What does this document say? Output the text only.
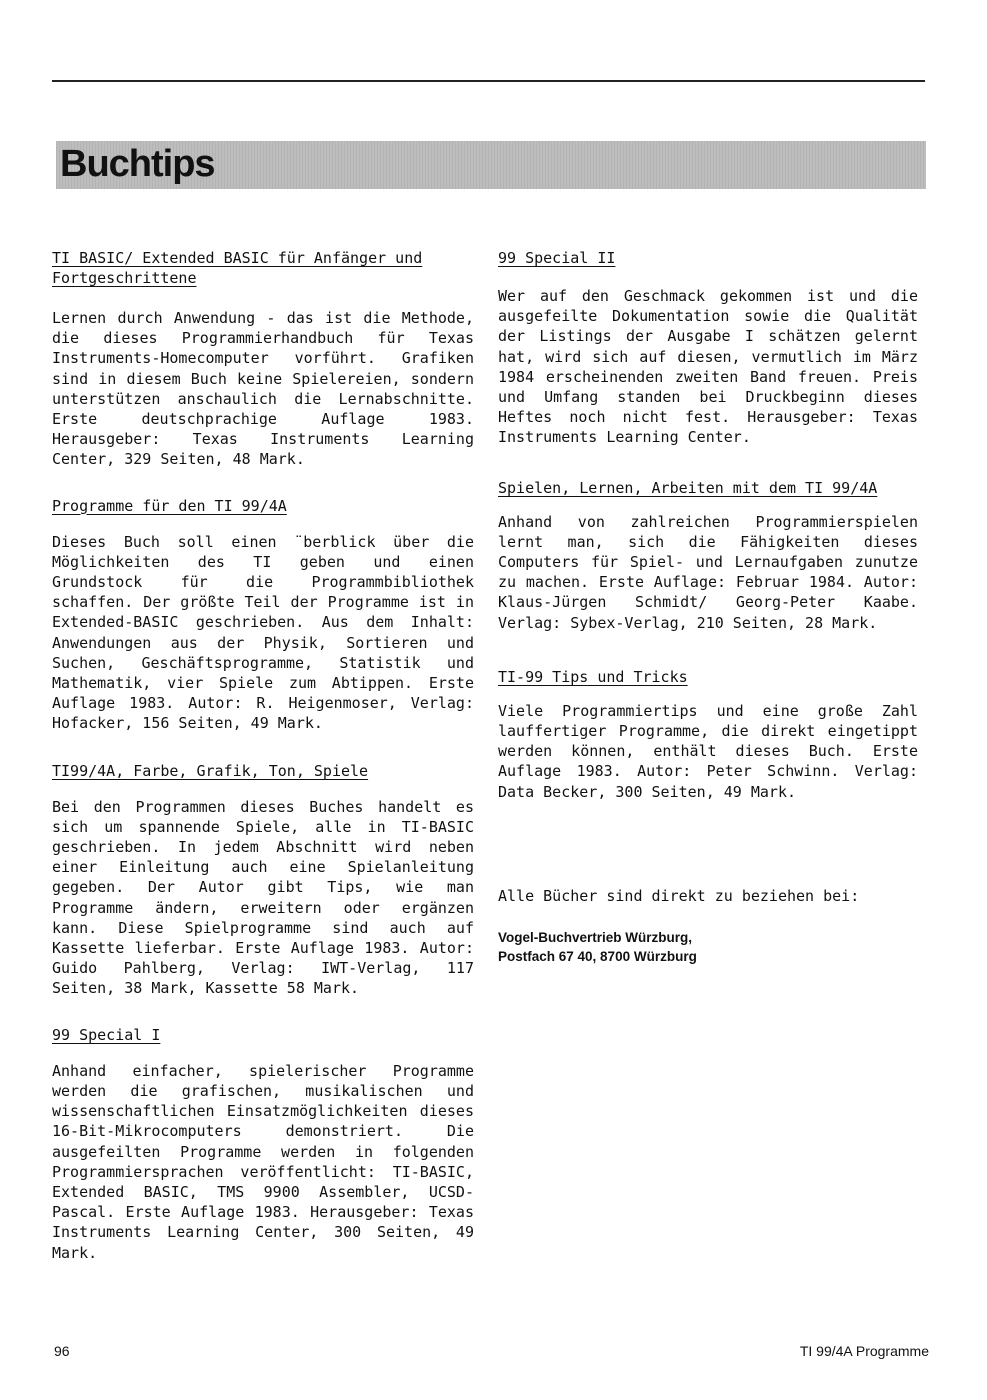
Buchtips

TI BASIC/ Extended BASIC für Anfänger und Fortgeschrittene

Lernen durch Anwendung - das ist die Methode, die dieses Programmierhandbuch für Texas Instruments-Homecomputer vorführt. Grafiken sind in diesem Buch keine Spielereien, sondern unterstützen anschaulich die Lernabschnitte. Erste deutschprachige Auflage 1983. Herausgeber: Texas Instruments Learning Center, 329 Seiten, 48 Mark.

Programme für den TI 99/4A

Dieses Buch soll einen ¨berblick über die Möglichkeiten des TI geben und einen Grundstock für die Programmbibliothek schaffen. Der größte Teil der Programme ist in Extended-BASIC geschrieben. Aus dem Inhalt: Anwendungen aus der Physik, Sortieren und Suchen, Geschäftsprogramme, Statistik und Mathematik, vier Spiele zum Abtippen. Erste Auflage 1983. Autor: R. Heigenmoser, Verlag: Hofacker, 156 Seiten, 49 Mark.

TI99/4A, Farbe, Grafik, Ton, Spiele

Bei den Programmen dieses Buches handelt es sich um spannende Spiele, alle in TI-BASIC geschrieben. In jedem Abschnitt wird neben einer Einleitung auch eine Spielanleitung gegeben. Der Autor gibt Tips, wie man Programme ändern, erweitern oder ergänzen kann. Diese Spielprogramme sind auch auf Kassette lieferbar. Erste Auflage 1983. Autor: Guido Pahlberg, Verlag: IWT-Verlag, 117 Seiten, 38 Mark, Kassette 58 Mark.

99 Special I

Anhand einfacher, spielerischer Programme werden die grafischen, musikalischen und wissenschaftlichen Einsatzmöglichkeiten dieses 16-Bit-Mikrocomputers demonstriert. Die ausgefeilten Programme werden in folgenden Programmiersprachen veröffentlicht: TI-BASIC, Extended BASIC, TMS 9900 Assembler, UCSD-Pascal. Erste Auflage 1983. Herausgeber: Texas Instruments Learning Center, 300 Seiten, 49 Mark.

99 Special II

Wer auf den Geschmack gekommen ist und die ausgefeilte Dokumentation sowie die Qualität der Listings der Ausgabe I schätzen gelernt hat, wird sich auf diesen, vermutlich im März 1984 erscheinenden zweiten Band freuen. Preis und Umfang standen bei Druckbeginn dieses Heftes noch nicht fest. Herausgeber: Texas Instruments Learning Center.

Spielen, Lernen, Arbeiten mit dem TI 99/4A

Anhand von zahlreichen Programmierspielen lernt man, sich die Fähigkeiten dieses Computers für Spiel- und Lernaufgaben zunutze zu machen. Erste Auflage: Februar 1984. Autor: Klaus-Jürgen Schmidt/ Georg-Peter Kaabe. Verlag: Sybex-Verlag, 210 Seiten, 28 Mark.

TI-99 Tips und Tricks

Viele Programmiertips und eine große Zahl lauffertiger Programme, die direkt eingetippt werden können, enthält dieses Buch. Erste Auflage 1983. Autor: Peter Schwinn. Verlag: Data Becker, 300 Seiten, 49 Mark.

Alle Bücher sind direkt zu beziehen bei:

Vogel-Buchvertrieb Würzburg,
Postfach 67 40, 8700 Würzburg
96	TI 99/4A Programme
